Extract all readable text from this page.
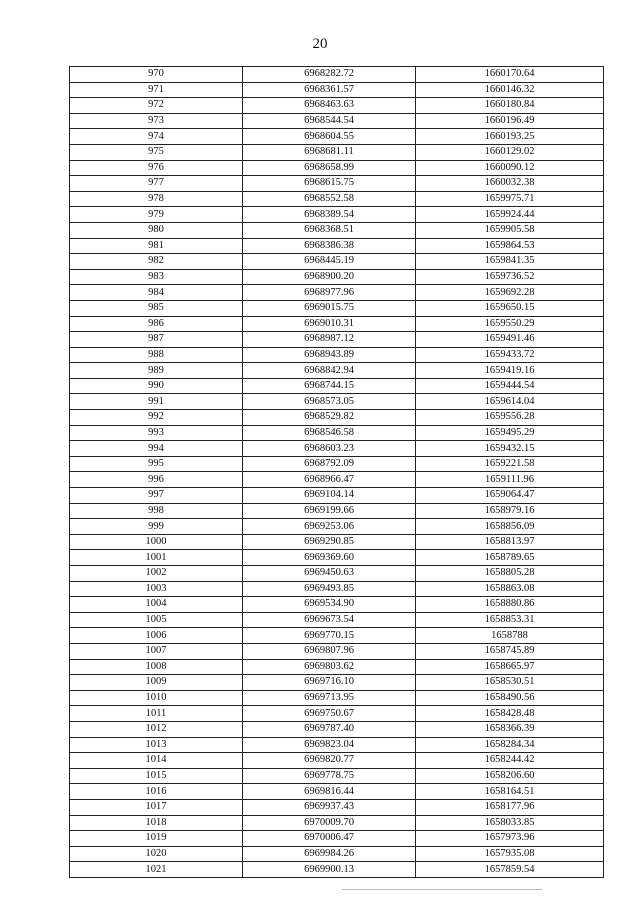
20
970	6968282.72	1660170.64
971	6968361.57	1660146.32
972	6968463.63	1660180.84
973	6968544.54	1660196.49
974	6968604.55	1660193.25
975	6968681.11	1660129.02
976	6968658.99	1660090.12
977	6968615.75	1660032.38
978	6968552.58	1659975.71
979	6968389.54	1659924.44
980	6968368.51	1659905.58
981	6968386.38	1659864.53
982	6968445.19	1659841.35
983	6968900.20	1659736.52
984	6968977.96	1659692.28
985	6969015.75	1659650.15
986	6969010.31	1659550.29
987	6968987.12	1659491.46
988	6968943.89	1659433.72
989	6968842.94	1659419.16
990	6968744.15	1659444.54
991	6968573.05	1659614.04
992	6968529.82	1659556.28
993	6968546.58	1659495.29
994	6968603.23	1659432.15
995	6968792.09	1659221.58
996	6968966.47	1659111.96
997	6969104.14	1659064.47
998	6969199.66	1658979.16
999	6969253.06	1658856.09
1000	6969290.85	1658813.97
1001	6969369.60	1658789.65
1002	6969450.63	1658805.28
1003	6969493.85	1658863.08
1004	6969534.90	1658880.86
1005	6969673.54	1658853.31
1006	6969770.15	1658788
1007	6969807.96	1658745.89
1008	6969803.62	1658665.97
1009	6969716.10	1658530.51
1010	6969713.95	1658490.56
1011	6969750.67	1658428.48
1012	6969787.40	1658366.39
1013	6969823.04	1658284.34
1014	6969820.77	1658244.42
1015	6969778.75	1658206.60
1016	6969816.44	1658164.51
1017	6969937.43	1658177.96
1018	6970009.70	1658033.85
1019	6970006.47	1657973.96
1020	6969984.26	1657935.08
1021	6969900.13	1657859.54
